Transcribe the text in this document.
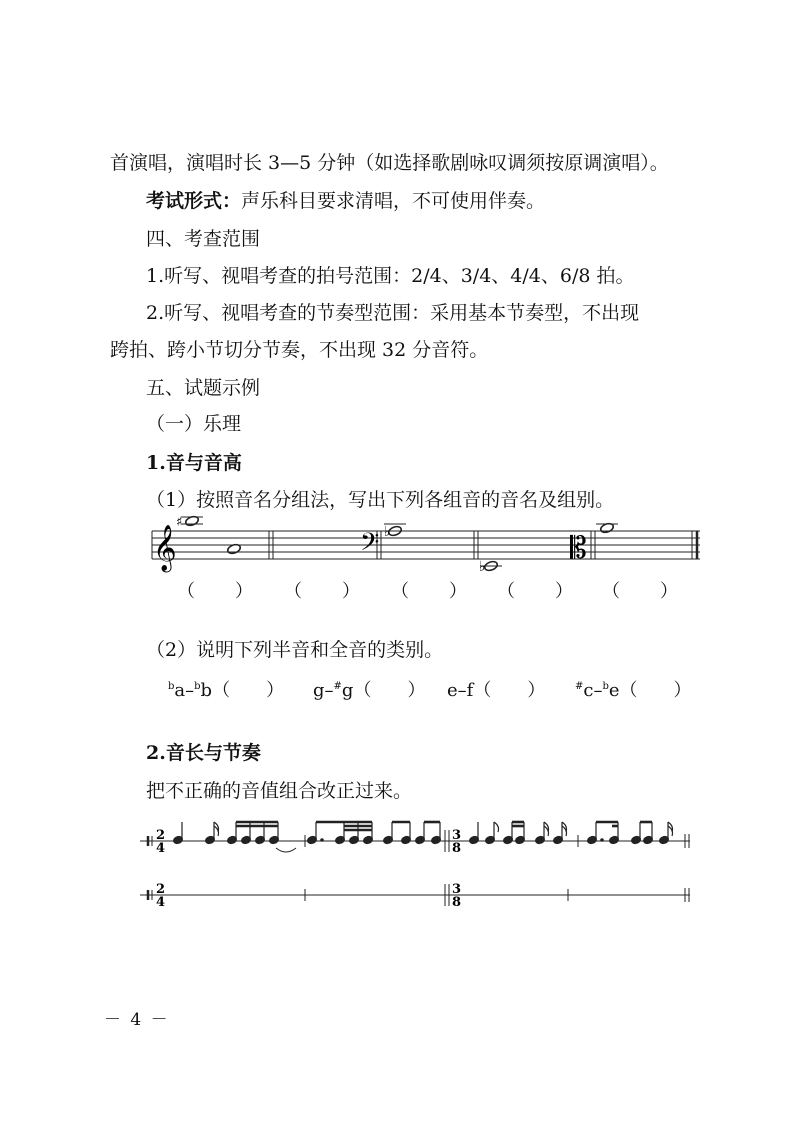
首演唱，演唱时长 3—5 分钟（如选择歌剧咏叹调须按原调演唱）。
考试形式：声乐科目要求清唱，不可使用伴奏。
四、考查范围
1.听写、视唱考查的拍号范围：2/4、3/4、4/4、6/8 拍。
2.听写、视唱考查的节奏型范围：采用基本节奏型，不出现
跨拍、跨小节切分节奏，不出现 32 分音符。
五、试题示例
（一）乐理
1.音与音高
（1）按照音名分组法，写出下列各组音的音名及组别。
𝄞
♯
♭
♭
𝄢	𝄡
（ ） （ ） （ ） （ ） （ ）
（2）说明下列半音和全音的类别。
$^b$a–$^b$b（　　） g–#g（　　） e–f（　　）	#c–$^b$e（　　）
2.音长与节奏
把不正确的音值组合改正过来。
2
4
3
8
2
4
3
8
－ 4 －
